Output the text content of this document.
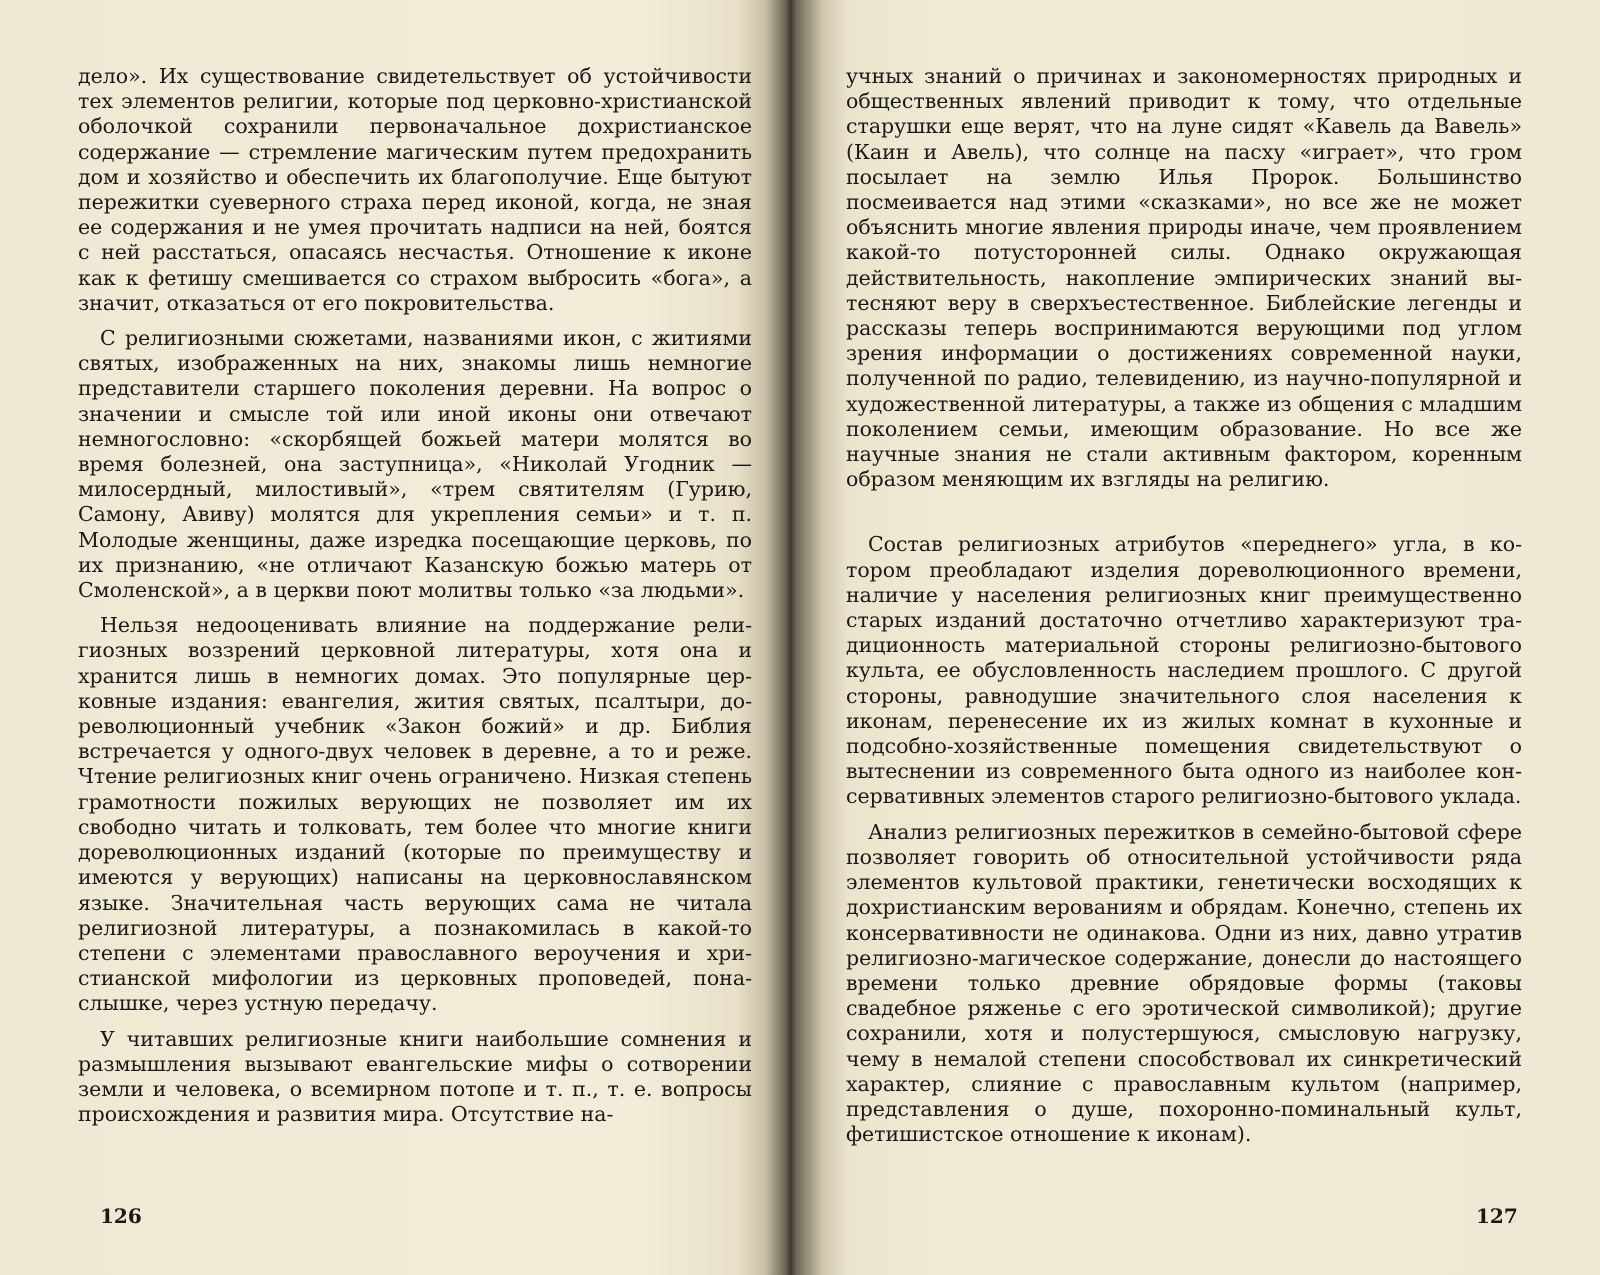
дело». Их существование свидетельствует об устойчивости тех элементов религии, которые под церковно-христианской оболочкой сохранили первоначальное дохристианское содержание — стремление магическим путем предохранить дом и хозяйство и обеспечить их благополучие. Еще бытуют пережитки суеверного страха перед иконой, когда, не зная ее содержания и не умея прочитать надписи на ней, боятся с ней расстаться, опасаясь несчастья. Отношение к иконе как к фетишу смешивается со страхом выбросить «бога», а значит, отказаться от его покровительства.

С религиозными сюжетами, названиями икон, с житиями святых, изображенных на них, знакомы лишь немногие представители старшего поколения деревни. На вопрос о значении и смысле той или иной иконы они отвечают немногословно: «скорбящей божьей матери молятся во время болезней, она заступница», «Николай Угодник — милосердный, милостивый», «трем святителям (Гурию, Самону, Авиву) молятся для укрепления семьи» и т. п. Молодые женщины, даже изредка посещающие церковь, по их признанию, «не отличают Казанскую божью матерь от Смоленской», а в церкви поют молитвы только «за людьми».

Нельзя недооценивать влияние на поддержание религиозных воззрений церковной литературы, хотя она и хранится лишь в немногих домах. Это популярные церковные издания: евангелия, жития святых, псалтыри, дореволюционный учебник «Закон божий» и др. Библия встречается у одного-двух человек в деревне, а то и реже. Чтение религиозных книг очень ограничено. Низкая степень грамотности пожилых верующих не позволяет им их свободно читать и толковать, тем более что многие книги дореволюционных изданий (которые по преимуществу и имеются у верующих) написаны на церковнославянском языке. Значительная часть верующих сама не читала религиозной литературы, а познакомилась в какой-то степени с элементами православного вероучения и христианской мифологии из церковных проповедей, понаслышке, через устную передачу.

У читавших религиозные книги наибольшие сомнения и размышления вызывают евангельские мифы о сотворении земли и человека, о всемирном потопе и т. п., т. е. вопросы происхождения и развития мира. Отсутствие на-

учных знаний о причинах и закономерностях природных и общественных явлений приводит к тому, что отдельные старушки еще верят, что на луне сидят «Кавель да Вавель» (Каин и Авель), что солнце на пасху «играет», что гром посылает на землю Илья Пророк. Большинство посмеивается над этими «сказками», но все же не может объяснить многие явления природы иначе, чем проявлением какой-то потусторонней силы. Однако окружающая действительность, накопление эмпирических знаний вытесняют веру в сверхъестественное. Библейские легенды и рассказы теперь воспринимаются верующими под углом зрения информации о достижениях современной науки, полученной по радио, телевидению, из научно-популярной и художественной литературы, а также из общения с младшим поколением семьи, имеющим образование. Но все же научные знания не стали активным фактором, коренным образом меняющим их взгляды на религию.

Состав религиозных атрибутов «переднего» угла, в котором преобладают изделия дореволюционного времени, наличие у населения религиозных книг преимущественно старых изданий достаточно отчетливо характеризуют традиционность материальной стороны религиозно-бытового культа, ее обусловленность наследием прошлого. С другой стороны, равнодушие значительного слоя населения к иконам, перенесение их из жилых комнат в кухонные и подсобно-хозяйственные помещения свидетельствуют о вытеснении из современного быта одного из наиболее консервативных элементов старого религиозно-бытового уклада.

Анализ религиозных пережитков в семейно-бытовой сфере позволяет говорить об относительной устойчивости ряда элементов культовой практики, генетически восходящих к дохристианским верованиям и обрядам. Конечно, степень их консервативности не одинакова. Одни из них, давно утратив религиозно-магическое содержание, донесли до настоящего времени только древние обрядовые формы (таковы свадебное ряженье с его эротической символикой); другие сохранили, хотя и полустершуюся, смысловую нагрузку, чему в немалой степени способствовал их синкретический характер, слияние с православным культом (например, представления о душе, похоронно-поминальный культ, фетишистское отношение к иконам).

126	127
